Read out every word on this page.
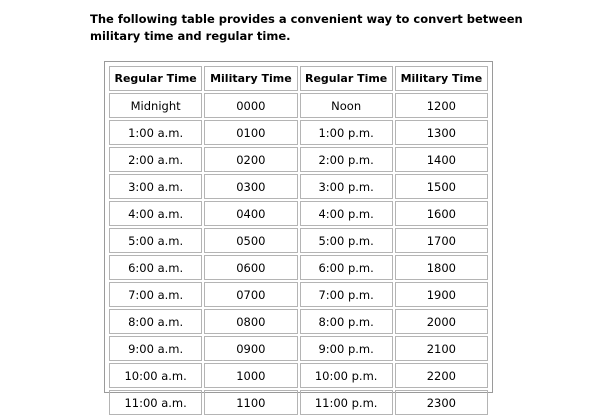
The following table provides a convenient way to convert between military time and regular time.

Regular Time	Military Time	Regular Time	Military Time
Midnight	0000	Noon	1200
1:00 a.m.	0100	1:00 p.m.	1300
2:00 a.m.	0200	2:00 p.m.	1400
3:00 a.m.	0300	3:00 p.m.	1500
4:00 a.m.	0400	4:00 p.m.	1600
5:00 a.m.	0500	5:00 p.m.	1700
6:00 a.m.	0600	6:00 p.m.	1800
7:00 a.m.	0700	7:00 p.m.	1900
8:00 a.m.	0800	8:00 p.m.	2000
9:00 a.m.	0900	9:00 p.m.	2100
10:00 a.m.	1000	10:00 p.m.	2200
11:00 a.m.	1100	11:00 p.m.	2300
